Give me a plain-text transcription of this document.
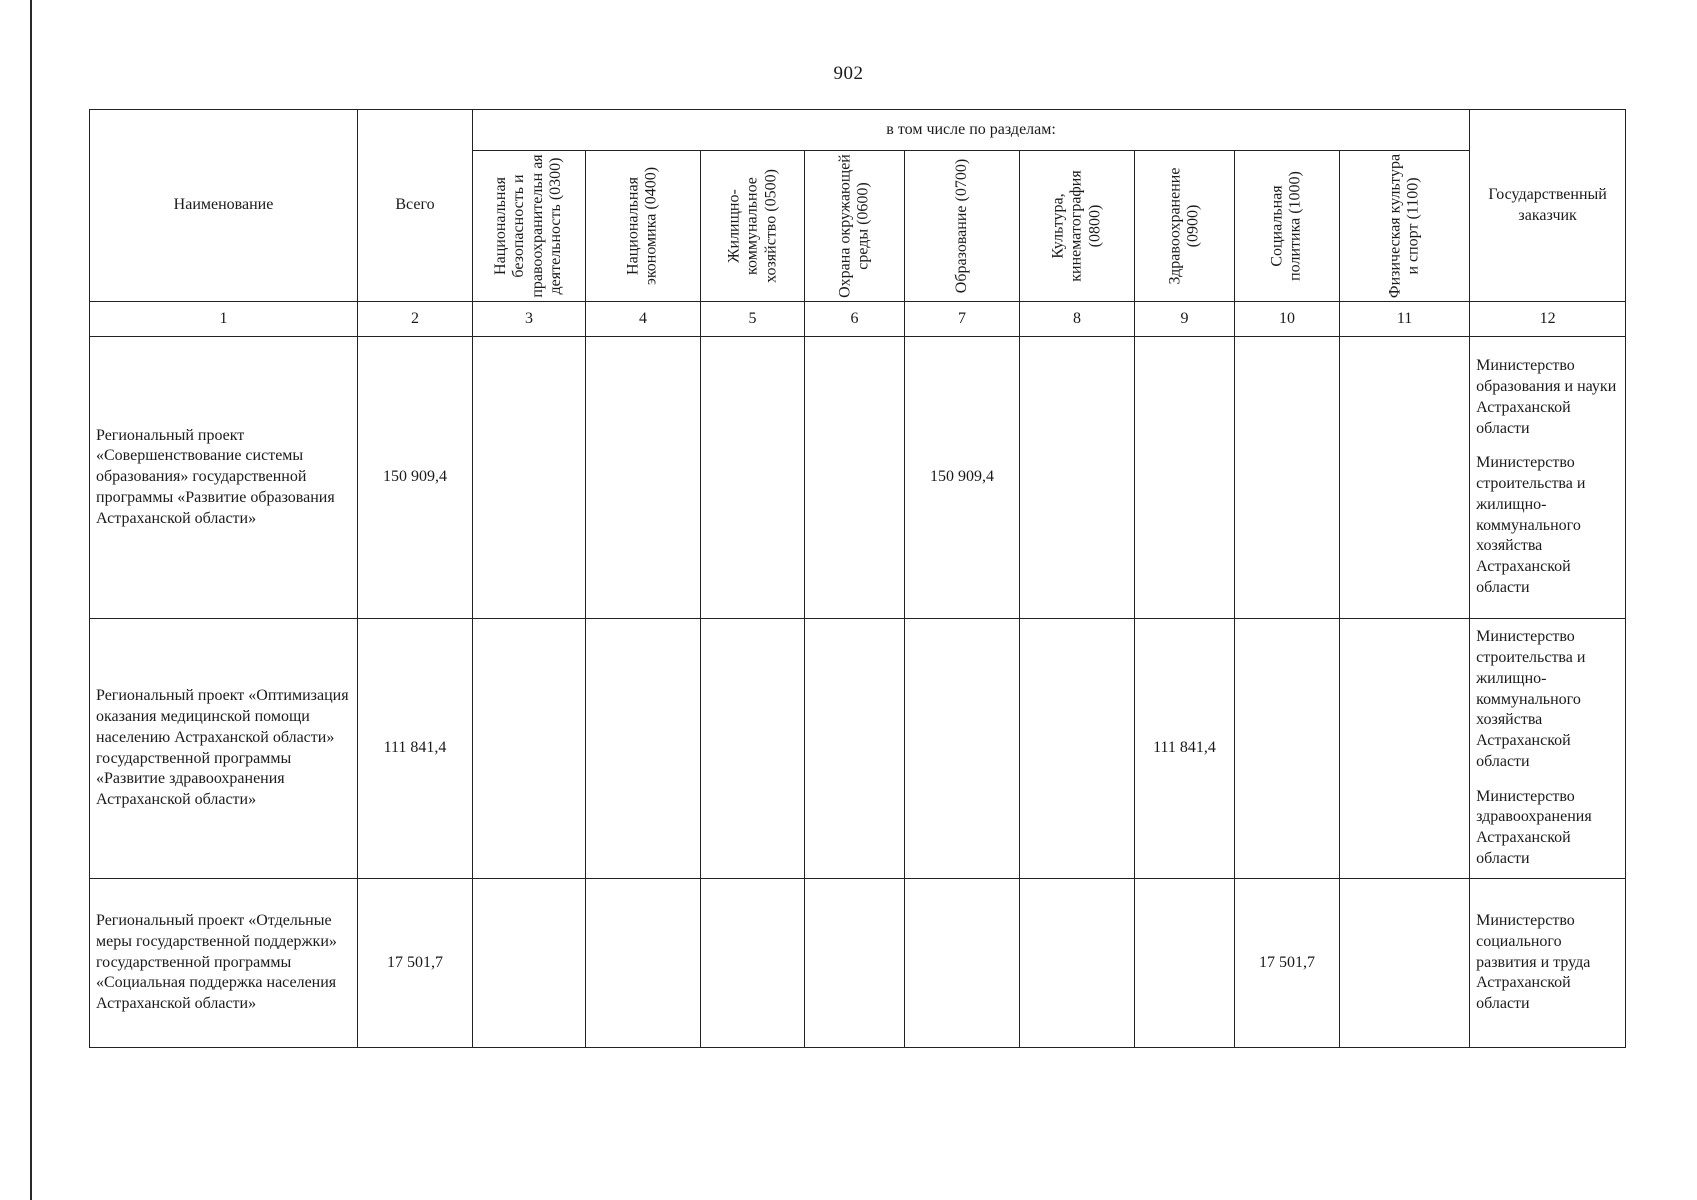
902
Наименование	Всего	в том числе по разделам:									Государственный заказчик

		Национальная безопасность и правоохранительн ая деятельность (0300)	Национальная экономика (0400)	Жилищно-коммунальное хозяйство (0500)	Охрана окружающей среды (0600)	Образование (0700)	Культура, кинематография (0800)	Здравоохранение (0900)	Социальная политика (1000)	Физическая культура и спорт (1100)	

1	2	3	4	5	6	7	8	9	10	11	12
Региональный проект «Совершенствование системы образования» государственной программы «Развитие образования Астраханской области»	150 909,4					150 909,4					Министерство образования и науки Астраханской области
Министерство строительства и жилищно-коммунального хозяйства Астраханской области

Региональный проект «Оптимизация оказания медицинской помощи населению Астраханской области» государственной программы «Развитие здравоохранения Астраханской области»	111 841,4							111 841,4			Министерство строительства и жилищно-коммунального хозяйства Астраханской области
Министерство здравоохранения Астраханской области

Региональный проект «Отдельные меры государственной поддержки» государственной программы «Социальная поддержка населения Астраханской области»	17 501,7								17 501,7		Министерство социального развития и труда Астраханской области
